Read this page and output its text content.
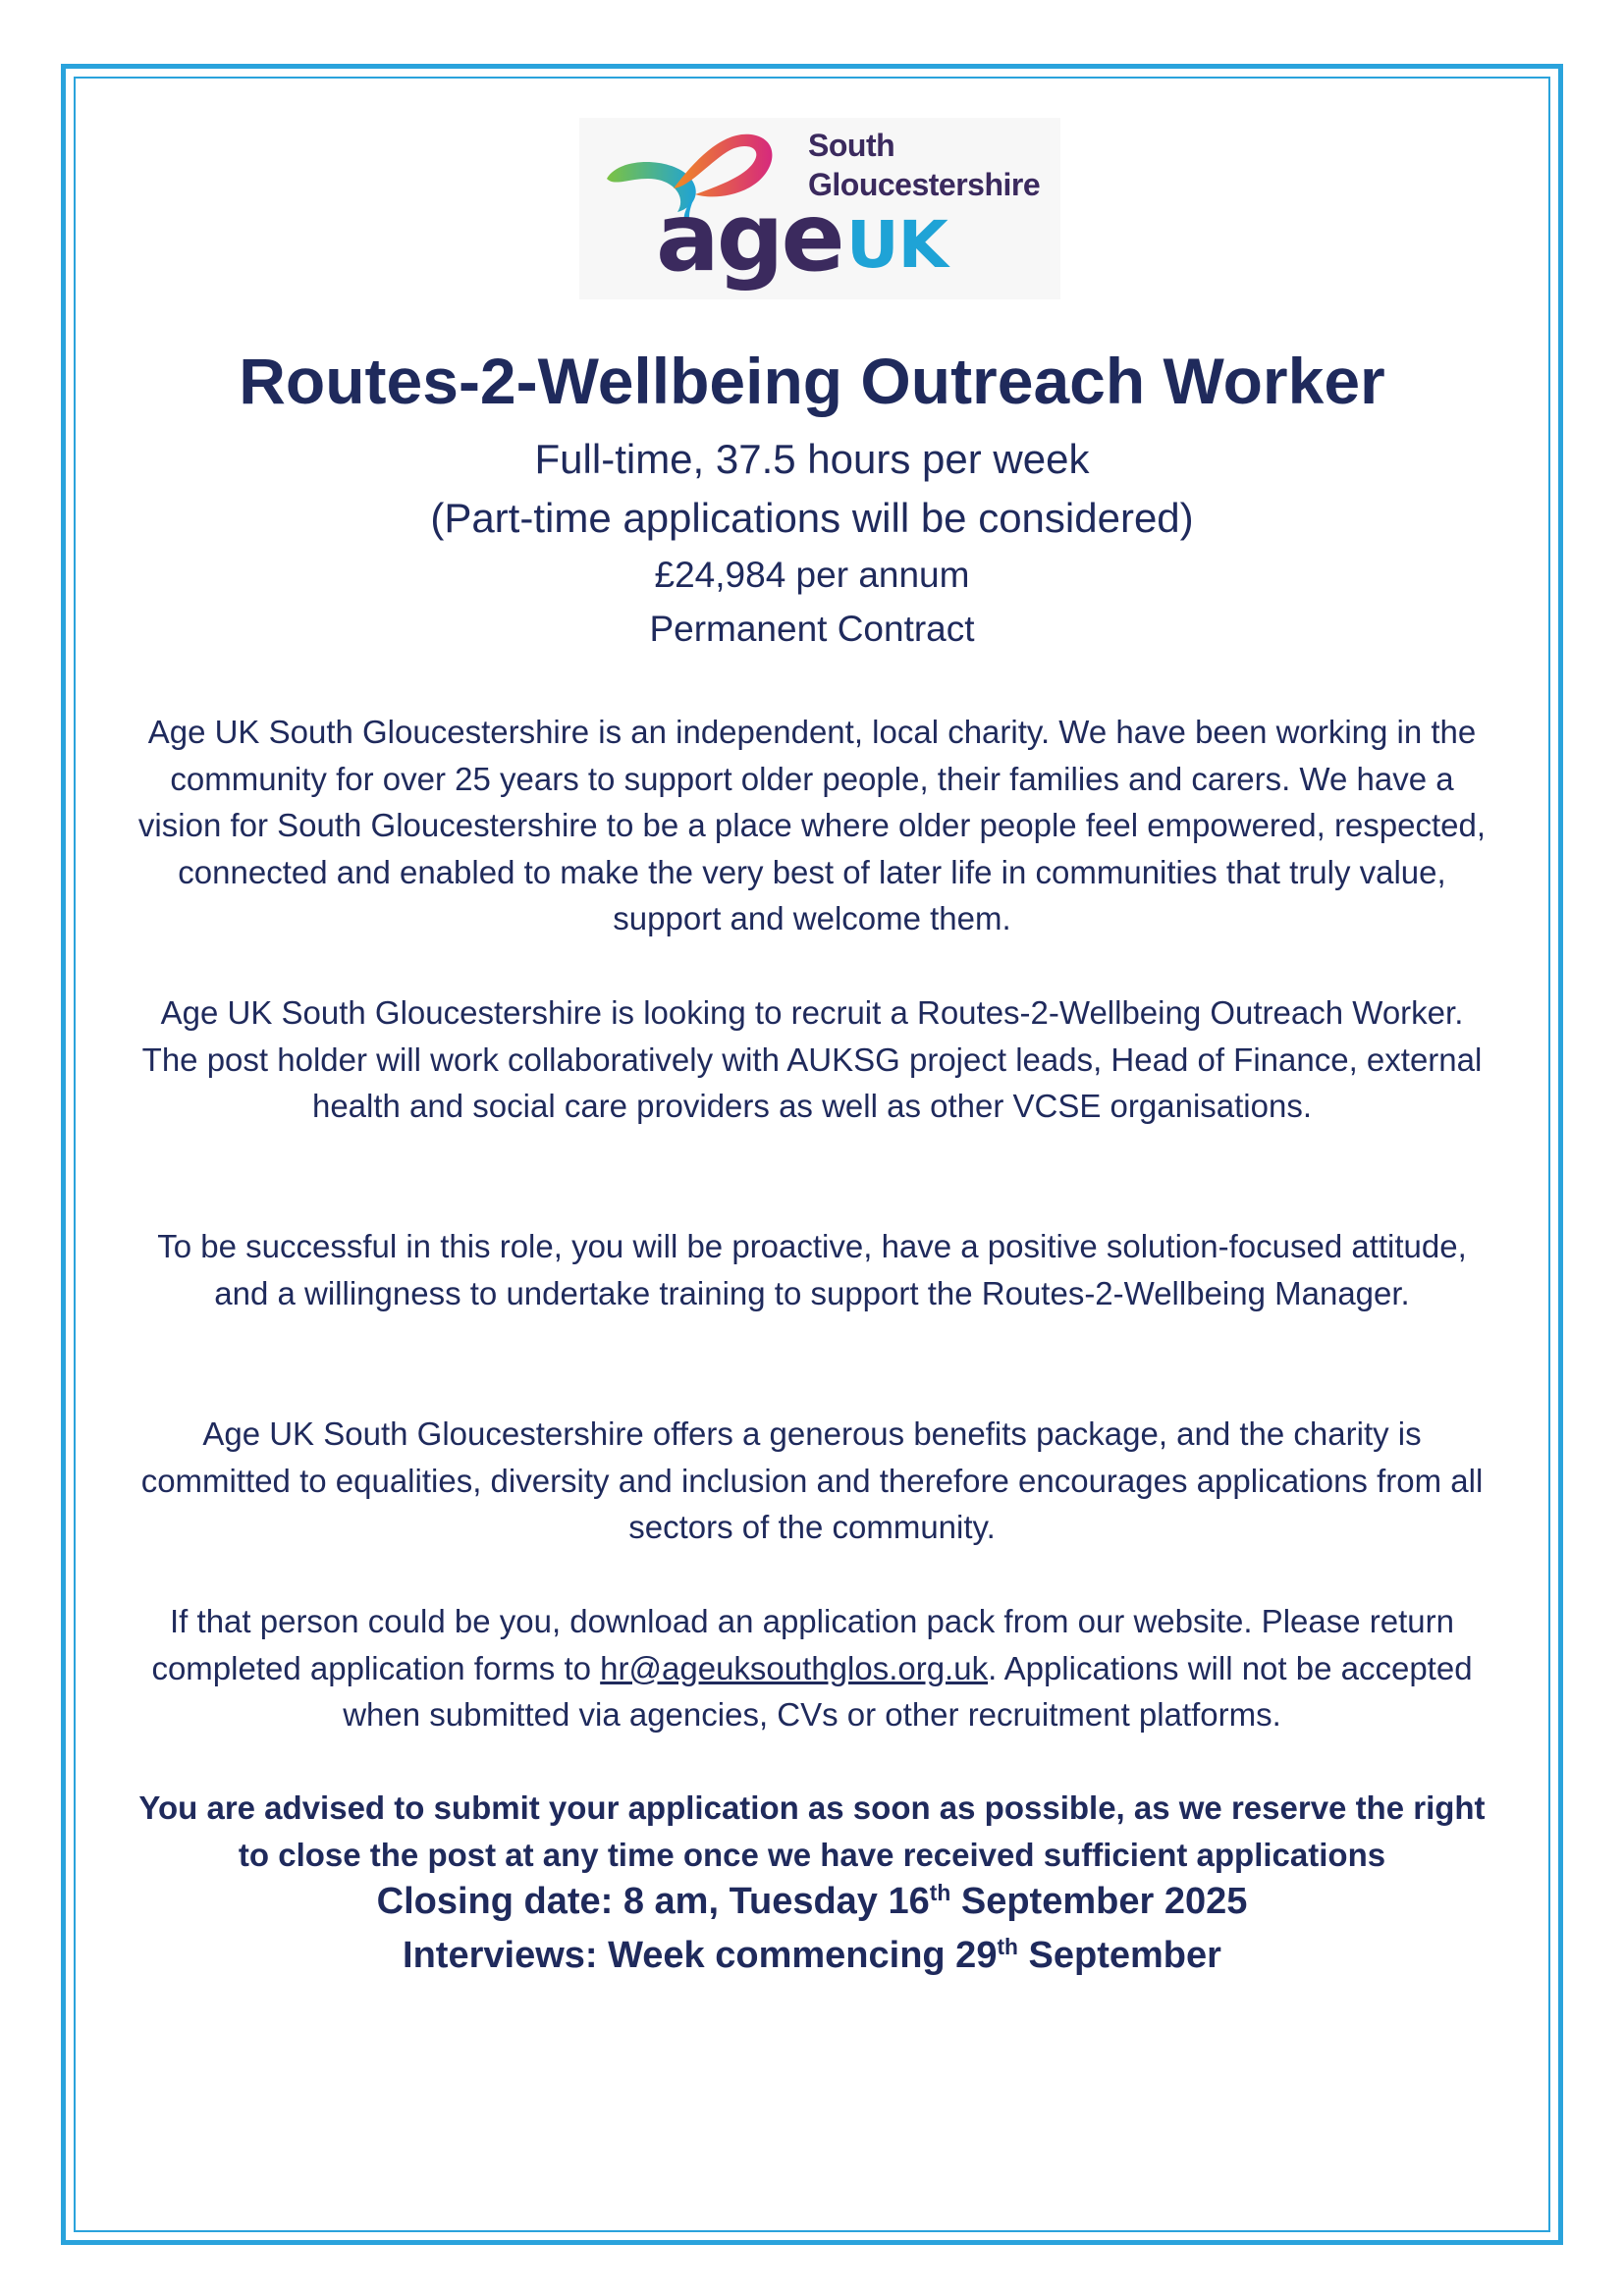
South
Gloucestershire
age UK
Routes-2-Wellbeing Outreach Worker
Full-time, 37.5 hours per week
(Part-time applications will be considered)
£24,984 per annum
Permanent Contract
Age UK South Gloucestershire is an independent, local charity. We have been working in the community for over 25 years to support older people, their families and carers. We have a vision for South Gloucestershire to be a place where older people feel empowered, respected, connected and enabled to make the very best of later life in communities that truly value, support and welcome them.
Age UK South Gloucestershire is looking to recruit a Routes-2-Wellbeing Outreach Worker. The post holder will work collaboratively with AUKSG project leads, Head of Finance, external health and social care providers as well as other VCSE organisations.
To be successful in this role, you will be proactive, have a positive solution-focused attitude, and a willingness to undertake training to support the Routes-2-Wellbeing Manager.
Age UK South Gloucestershire offers a generous benefits package, and the charity is committed to equalities, diversity and inclusion and therefore encourages applications from all sectors of the community.
If that person could be you, download an application pack from our website. Please return completed application forms to hr@ageuksouthglos.org.uk. Applications will not be accepted when submitted via agencies, CVs or other recruitment platforms.
You are advised to submit your application as soon as possible, as we reserve the right to close the post at any time once we have received sufficient applications
Closing date: 8 am, Tuesday 16th September 2025
Interviews: Week commencing 29th September
